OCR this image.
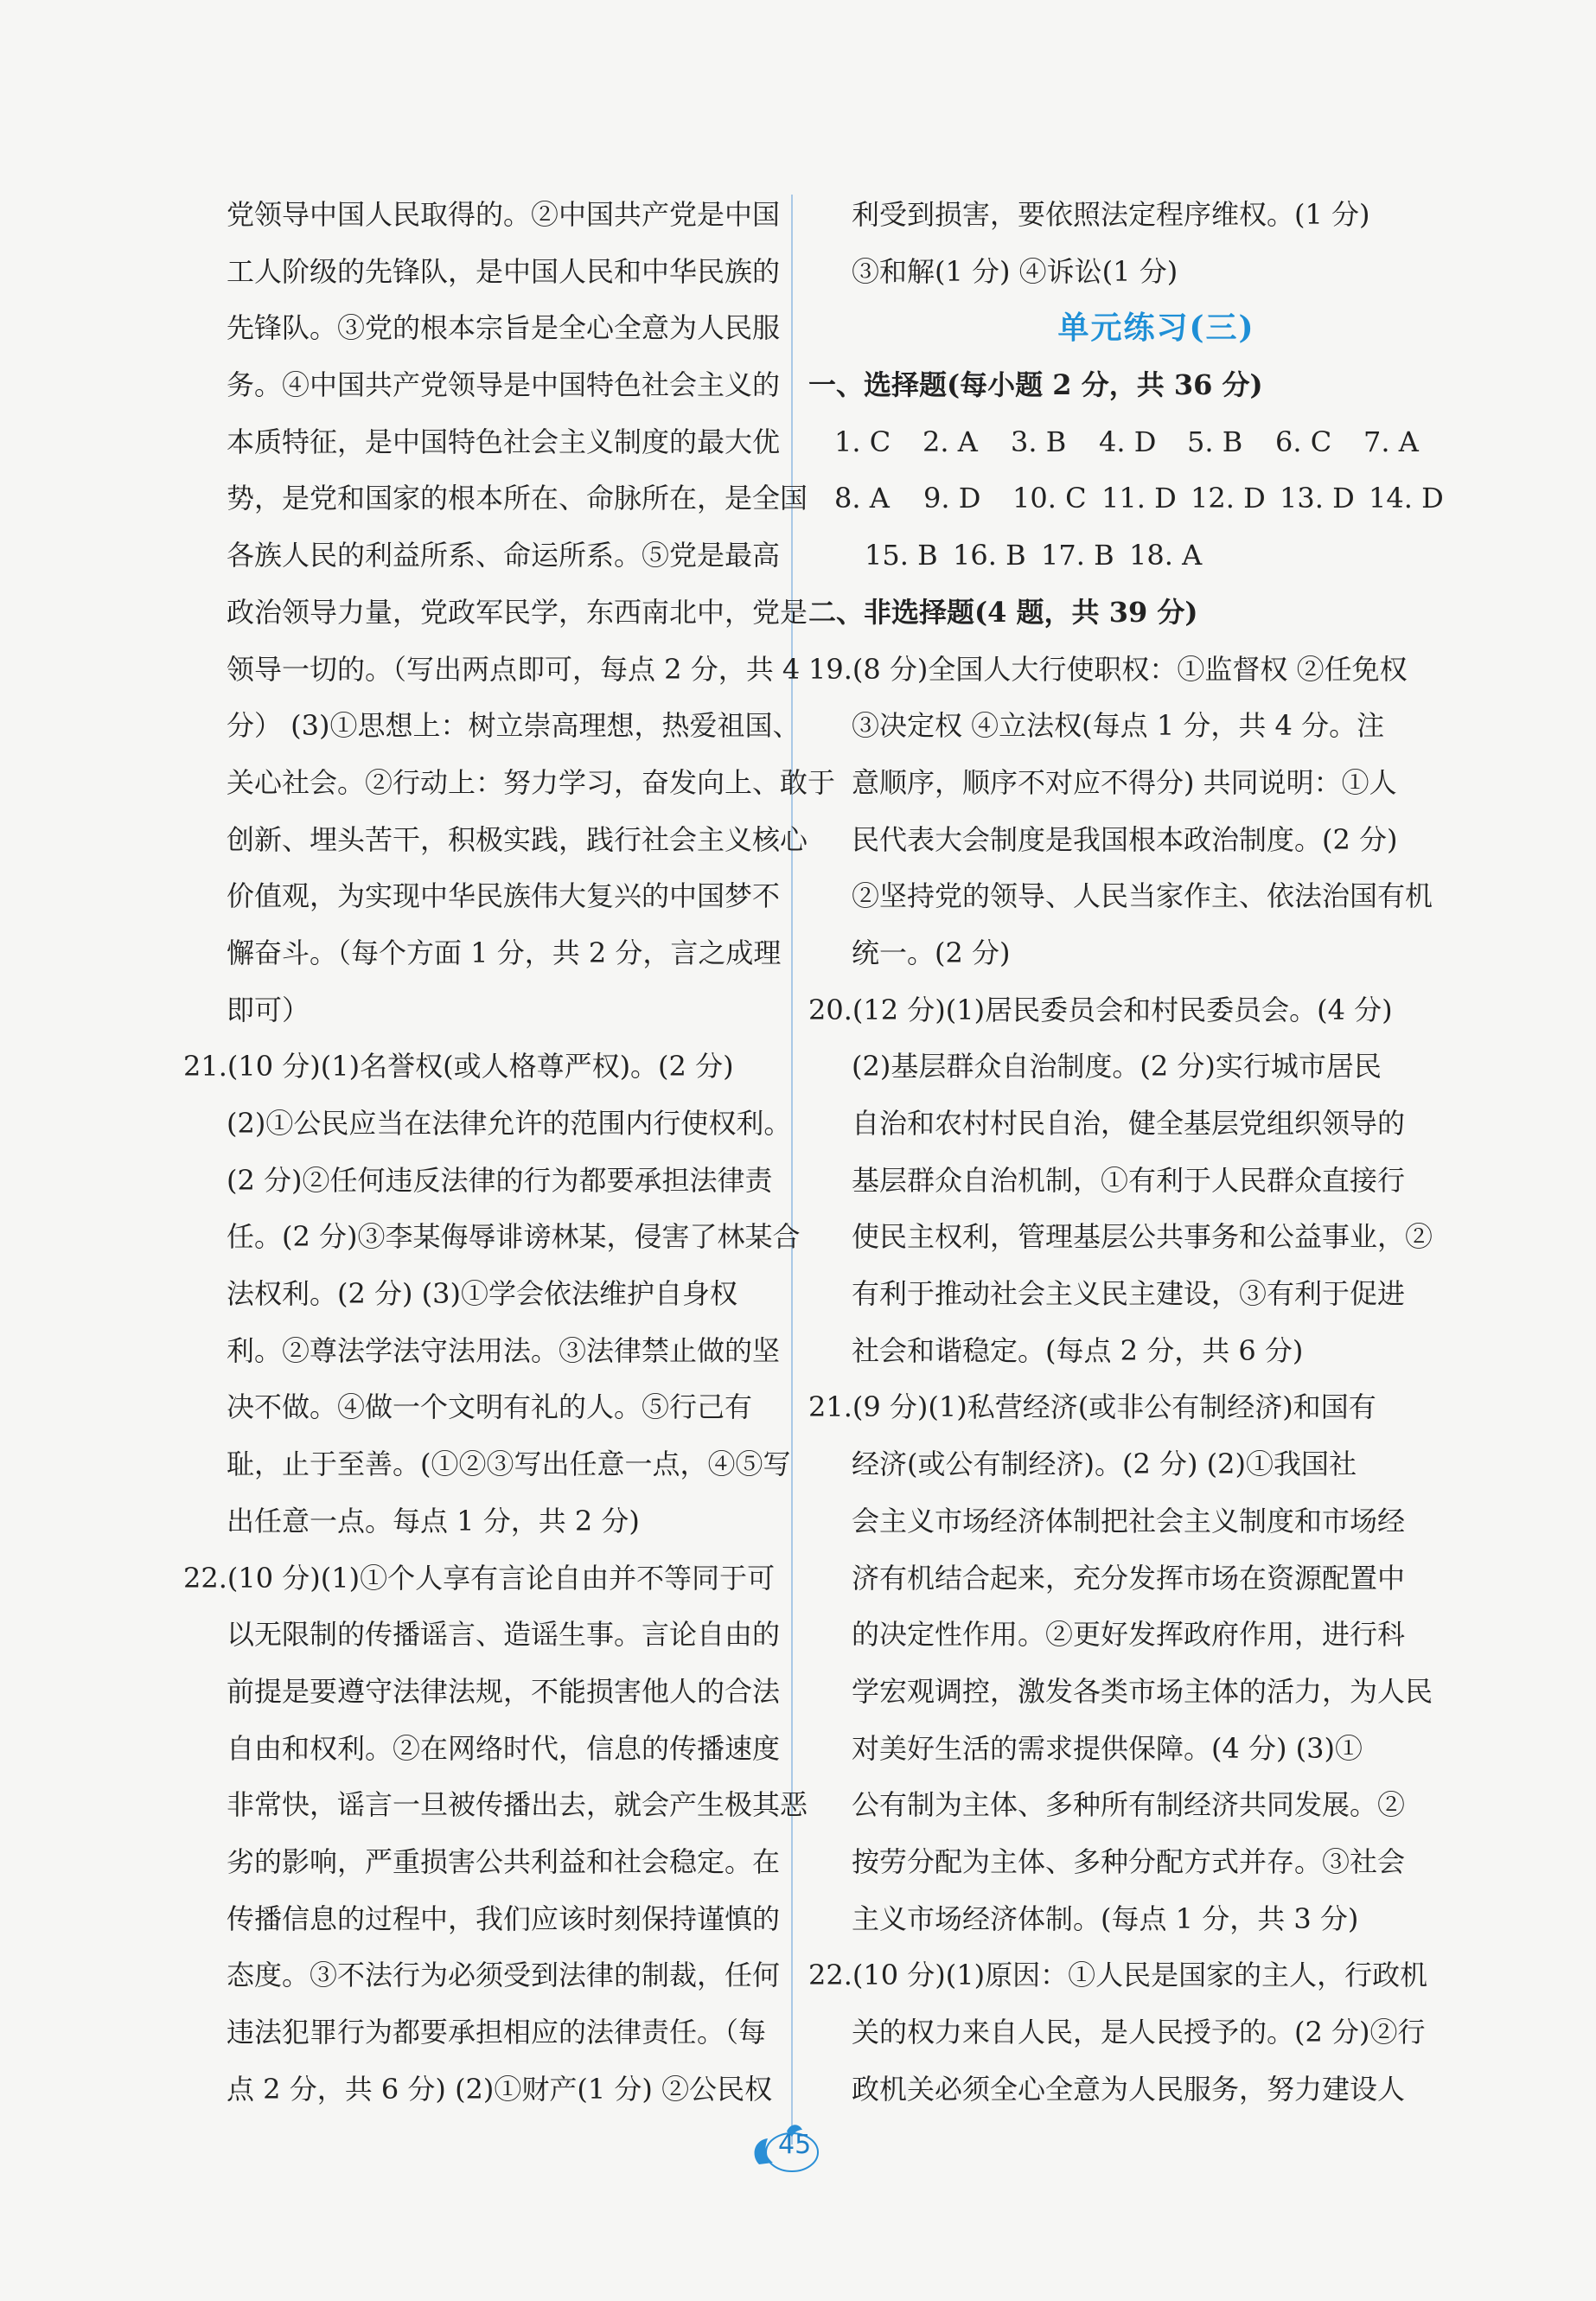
党领导中国人民取得的。②中国共产党是中国
工人阶级的先锋队，是中国人民和中华民族的
先锋队。③党的根本宗旨是全心全意为人民服
务。④中国共产党领导是中国特色社会主义的
本质特征，是中国特色社会主义制度的最大优
势，是党和国家的根本所在、命脉所在，是全国
各族人民的利益所系、命运所系。⑤党是最高
政治领导力量，党政军民学，东西南北中，党是
领导一切的。（写出两点即可，每点 2 分，共 4
分） (3)①思想上：树立崇高理想，热爱祖国、
关心社会。②行动上：努力学习，奋发向上、敢于
创新、埋头苦干，积极实践，践行社会主义核心
价值观，为实现中华民族伟大复兴的中国梦不
懈奋斗。（每个方面 1 分，共 2 分，言之成理
即可）
21.(10 分)(1)名誉权(或人格尊严权)。(2 分)
(2)①公民应当在法律允许的范围内行使权利。
(2 分)②任何违反法律的行为都要承担法律责
任。(2 分)③李某侮辱诽谤林某，侵害了林某合
法权利。(2 分) (3)①学会依法维护自身权
利。②尊法学法守法用法。③法律禁止做的坚
决不做。④做一个文明有礼的人。⑤行己有
耻，止于至善。(①②③写出任意一点，④⑤写
出任意一点。每点 1 分，共 2 分)
22.(10 分)(1)①个人享有言论自由并不等同于可
以无限制的传播谣言、造谣生事。言论自由的
前提是要遵守法律法规，不能损害他人的合法
自由和权利。②在网络时代，信息的传播速度
非常快，谣言一旦被传播出去，就会产生极其恶
劣的影响，严重损害公共利益和社会稳定。在
传播信息的过程中，我们应该时刻保持谨慎的
态度。③不法行为必须受到法律的制裁，任何
违法犯罪行为都要承担相应的法律责任。（每
点 2 分，共 6 分) (2)①财产(1 分) ②公民权
利受到损害，要依照法定程序维权。(1 分)
③和解(1 分) ④诉讼(1 分)
单元练习(三)
一、选择题(每小题 2 分，共 36 分)
1. C 2. A 3. B 4. D 5. B 6. C 7. A
8. A 9. D 10. C 11. D 12. D 13. D 14. D
15. B 16. B 17. B 18. A
二、非选择题(4 题，共 39 分)
19.(8 分)全国人大行使职权：①监督权 ②任免权
③决定权 ④立法权(每点 1 分，共 4 分。注
意顺序，顺序不对应不得分) 共同说明：①人
民代表大会制度是我国根本政治制度。(2 分)
②坚持党的领导、人民当家作主、依法治国有机
统一。(2 分)
20.(12 分)(1)居民委员会和村民委员会。(4 分)
(2)基层群众自治制度。(2 分)实行城市居民
自治和农村村民自治，健全基层党组织领导的
基层群众自治机制，①有利于人民群众直接行
使民主权利，管理基层公共事务和公益事业，②
有利于推动社会主义民主建设，③有利于促进
社会和谐稳定。(每点 2 分，共 6 分)
21.(9 分)(1)私营经济(或非公有制经济)和国有
经济(或公有制经济)。(2 分) (2)①我国社
会主义市场经济体制把社会主义制度和市场经
济有机结合起来，充分发挥市场在资源配置中
的决定性作用。②更好发挥政府作用，进行科
学宏观调控，激发各类市场主体的活力，为人民
对美好生活的需求提供保障。(4 分) (3)①
公有制为主体、多种所有制经济共同发展。②
按劳分配为主体、多种分配方式并存。③社会
主义市场经济体制。(每点 1 分，共 3 分)
22.(10 分)(1)原因：①人民是国家的主人，行政机
关的权力来自人民，是人民授予的。(2 分)②行
政机关必须全心全意为人民服务，努力建设人
45
